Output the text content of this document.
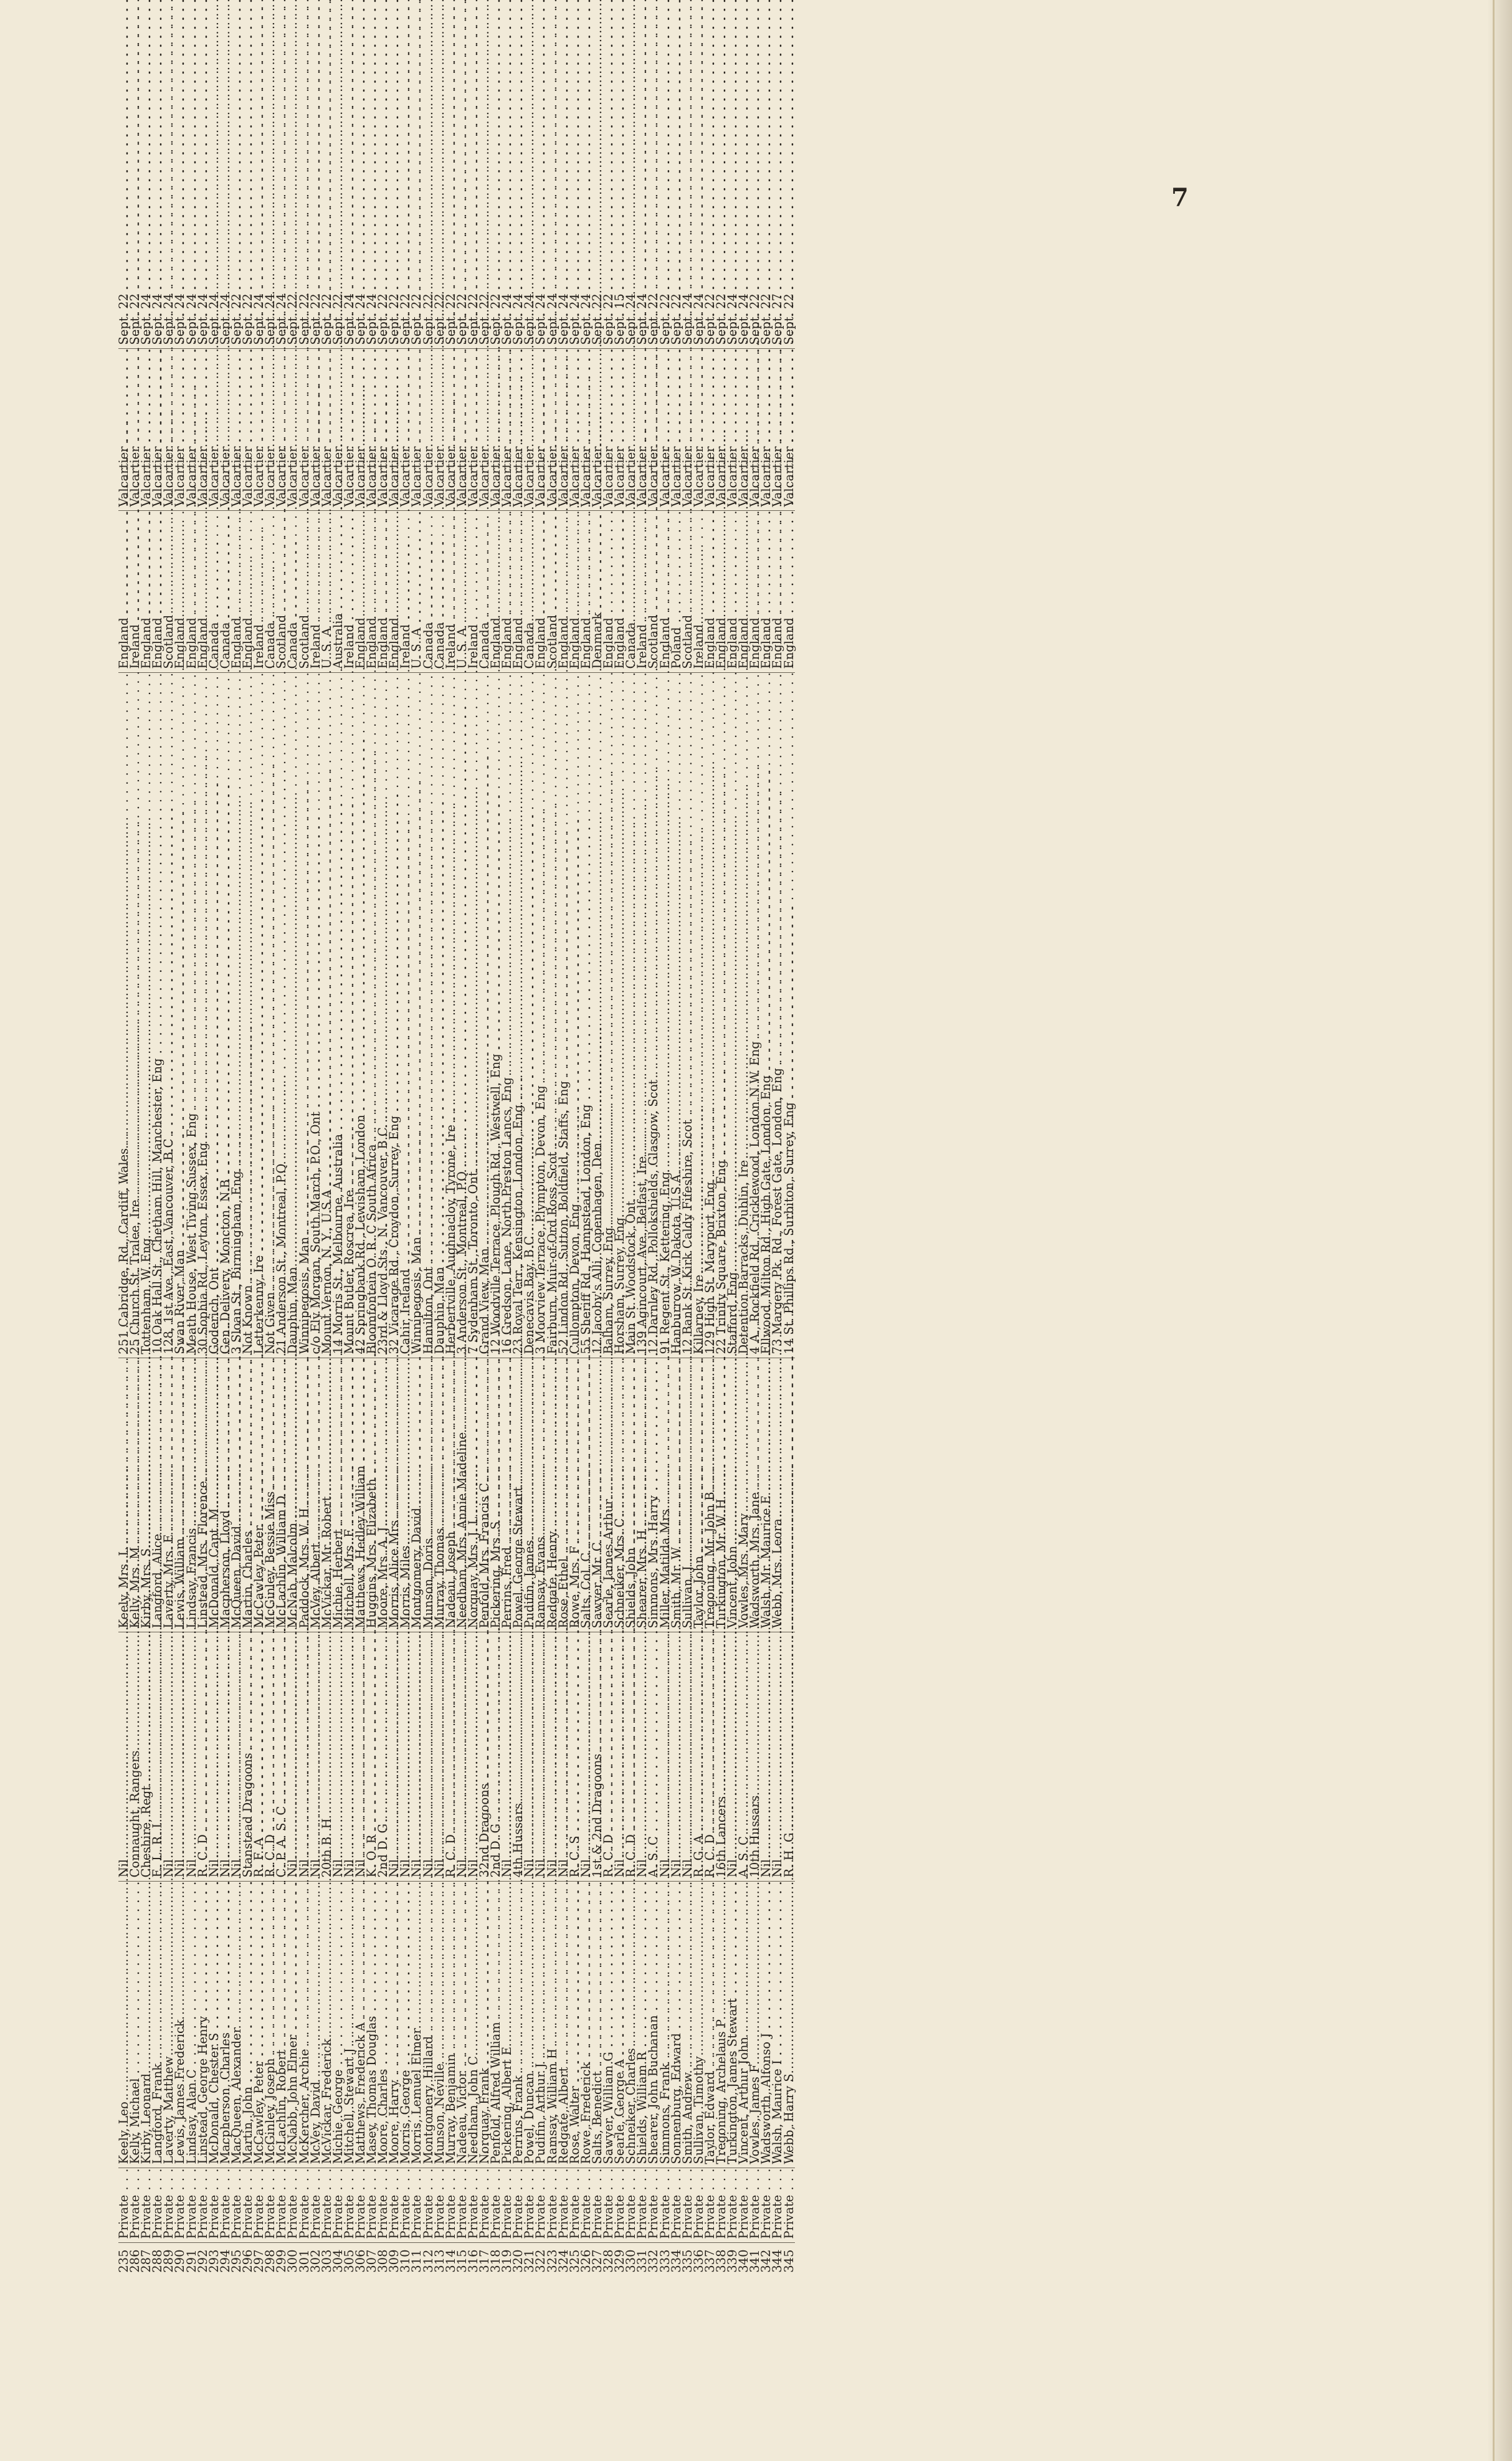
7
235	Private . . .	Keely, Leo . . .	Nil . . .	Keely, Mrs. L . . .	251 Cabridge, Rd., Cardiff, Wales . . .	England . . .	Valcartier . . .	Sept. 22
286	Private . . .	Kelly, Michael . . .	Connaught, Rangers . . .	Kelly, Mrs. M . . .	25 Church St. Tralee, Ire . . .	Ireland . . .	Valcartier . . .	Sept. 22
287	Private . . .	Kirby, Leonard . . .	Cheshire, Regt . . .	Kirby, Mrs. S . . .	Tottenham, W. Eng . . .	England . . .	Valcartier . . .	Sept. 24
288	Private . . .	Langford, Frank . . .	E. L. R. I . . .	Langford, Alice . . .	10 Oak Hall St., Chetham Hill, Manchester, Eng . . .	England . . .	Valcartier . . .	Sept. 24
289	Private . . .	Laverty, Matthew . . .	Nil . . .	Laverty, Mrs. E . . .	128, 1st Ave., East, Vancouver, B.C . . .	Scotland . . .	Valcartier . . .	Sept. 24
290	Private . . .	Lewis, James Frederick . . .	Nil . . .	Lewis, William . . .	Swan River, Man . . .	England . . .	Valcartier . . .	Sept. 24
291	Private . . .	Lindsay, Alan C . . .	Nil . . .	Lindsay, Francis . . .	Meath House, West Tiving Sussex, Eng . . .	England . . .	Valcartier . . .	Sept. 24
292	Private . . .	Linstead, George Henry . . .	R. C. D . . .	Linstead, Mrs. Florence . . .	30 Sophia Rd., Leyton, Essex, Eng . . .	England . . .	Valcartier . . .	Sept. 24
293	Private . . .	McDonald, Chester S . . .	Nil . . .	McDonald, Capt. M . . .	Goderich, Ont . . .	Canada . . .	Valcartier . . .	Sept. 24
294	Private . . .	Macpherson, Charles . . .	Nil . . .	Macpherson, Lloyd . . .	Gen. Delivery, Moncton, N.B . . .	Canada . . .	Valcartier . . .	Sept. 24
295	Private . . .	MacQueen, Alexander . . .	Nil . . .	McQueen, David . . .	3 Sloan St., Birmingham, Eng . . .	England . . .	Valcartier . . .	Sept. 22
296	Private . . .	Martin, John . . .	Stanstead Dragoons . . .	Martin, Charles . . .	Not Known . . .	England . . .	Valcartier . . .	Sept. 22
297	Private . . .	McCawley, Peter . . .	R. F. A . . .	McCawley, Peter . . .	Letterkenny, Ire . . .	Ireland . . .	Valcartier . . .	Sept. 24
298	Private . . .	McGinley, Joseph . . .	R. C. D . . .	McGinley, Bessie Miss . . .	Not Given . . .	Canada . . .	Valcartier . . .	Sept. 24
299	Private . . .	McLachlin, Robert . . .	C. P. A. S. C . . .	McLachlin, William D . . .	21 Anderson St., Montreal, P.Q . . .	Scotland . . .	Valcartier . . .	Sept. 24
300	Private . . .	McNabb, John Elmer . . .	Nil . . .	McNab, Malcolm . . .	Dauphin, Man . . .	Canada . . .	Valcartier . . .	Sept. 22
301	Private . . .	McKercher, Archie . . .	Nil . . .	Paddock, Mrs. W. H . . .	Winnipegosis, Man . . .	Scotland . . .	Valcartier . . .	Sept. 22
302	Private . . .	McVey, David . . .	Nil . . .	McVey, Albert . . .	c/o Ely Morgan, South March, P.O., Ont . . .	Ireland . . .	Valcartier . . .	Sept. 22
303	Private . . .	McVickar, Frederick . . .	20th B. H . . .	McVickar, Mr. Robert . . .	Mount Vernon, N. Y., U.S.A . . .	U. S. A . . .	Valcartier . . .	Sept. 22
304	Private . . .	Michie, George . . .	Nil . . .	Michie, Herbert . . .	14 Morris St., Melbourne, Australia . . .	Australia . . .	Valcartier . . .	Sept. 22
305	Private . . .	Mitchell, Stewart J . . .	Nil . . .	Mitchell, Mrs. F . . .	Mount Butler, Roscrea, Ire . . .	Ireland . . .	Valcartier . . .	Sept. 24
306	Private . . .	Matthews, Frederick A . . .	Nil . . .	Matthews, Hedley William . . .	42 Springbank Rd., Lewisham, London . . .	England . . .	Valcartier . . .	Sept. 24
307	Private . . .	Masey, Thomas Douglas . . .	K. O. R . . .	Huggins, Mrs. Elizabeth . . .	Bloomfontein O. R. C South Africa . . .	England . . .	Valcartier . . .	Sept. 24
308	Private . . .	Moore, Charles . . .	2nd D. G . . .	Moore, Mrs. A. J . . .	23rd & Lloyd Sts., N. Vancouver, B.C . . .	England . . .	Valcartier . . .	Sept. 22
309	Private . . .	Moore, Harry . . .	Nil . . .	Morris, Alice Mrs . . .	32 Vicarage Rd., Croydon, Surrey, Eng . . .	England . . .	Valcartier . . .	Sept. 22
310	Private . . .	Morris, George . . .	Nil . . .	Morris, Miles . . .	Cahir, Ireland . . .	Ireland . . .	Valcartier . . .	Sept. 22
311	Private . . .	Morris, Lemuel Elmer . . .	Nil . . .	Montgomery, David . . .	Winnipegosis, Man . . .	U. S. A . . .	Valcartier . . .	Sept. 22
312	Private . . .	Montgomery, Hillard . . .	Nil . . .	Munson, Doris . . .	Hamilton, Ont . . .	Canada . . .	Valcartier . . .	Sept. 22
313	Private . . .	Munson, Neville . . .	Nil . . .	Murray, Thomas . . .	Dauphin, Man . . .	Canada . . .	Valcartier . . .	Sept. 22
314	Private . . .	Murray, Benjamin . . .	R. C. D . . .	Nadeau, Joseph . . .	Herbertville, Aughnacloy, Tyrone, Ire . . .	Ireland . . .	Valcartier . . .	Sept. 22
315	Private . . .	Nadeau, Victor . . .	Nil . . .	Needham, Mrs. Annie Madeline . . .	3 Anderson St., Montreal, P.Q . . .	U. S. A . . .	Valcartier . . .	Sept. 22
316	Private . . .	Needham, John C . . .	Nil . . .	Norquay, Mrs. J. L . . .	7 Sydenham St., Toronto, Ont . . .	Ireland . . .	Valcartier . . .	Sept. 22
317	Private . . .	Norquay, Frank . . .	32nd Dragoons . . .	Penfold, Mrs. Francis C . . .	Grand View, Man . . .	Canada . . .	Valcartier . . .	Sept. 22
318	Private . . .	Penfold, Alfred William . . .	2nd D. G . . .	Pickering, Mrs. S . . .	12 Woodville Terrace, Plough Rd., Westwell, Eng . . .	England . . .	Valcartier . . .	Sept. 22
319	Private . . .	Pickering, Albert E . . .	Nil . . .	Perrins, Fred . . .	16 Gredson, Lane, North Preston Lancs, Eng . . .	England . . .	Valcartier . . .	Sept. 24
320	Private . . .	Perrins, Frank . . .	4th Hussars . . .	Powel, George Stewart . . .	23 Royal Terr., Kensington, London, Eng . . .	England . . .	Valcartier . . .	Sept. 24
321	Private . . .	Powel, Duncan . . .	Nil . . .	Pudifin, James . . .	Denecavis Bay, B.C . . .	Canada . . .	Valcartier . . .	Sept. 24
322	Private . . .	Pudifin, Arthur J . . .	Nil . . .	Ramsay, Evans . . .	3 Moorview Terrace, Plympton, Devon, Eng . . .	England . . .	Valcartier . . .	Sept. 24
323	Private . . .	Ramsay, William H . . .	Nil . . .	Redgate, Henry . . .	Fairburn, Muir-of-Ord Ross, Scot . . .	Scotland . . .	Valcartier . . .	Sept. 24
324	Private . . .	Redgate, Albert . . .	Nil . . .	Rose, Ethel . . .	52 Lindon Rd., Sutton, Boldfield, Staffs, Eng . . .	England . . .	Valcartier . . .	Sept. 24
325	Private . . .	Rose, Walter . . .	R. C. S . . .	Rowe, Mrs. F . . .	Cullompton, Devon, Eng . . .	England . . .	Valcartier . . .	Sept. 24
326	Private . . .	Rowe, Frederick . . .	Nil . . .	Salts, Col. C . . .	55 Sheriff Rd., Hampstead, London, Eng . . .	England . . .	Valcartier . . .	Sept. 24
327	Private . . .	Salts, Benedict . . .	1st & 2nd Dragoons . . .	Sawyer, Mr. C . . .	12 Jacoby's Alli, Copenhagen, Den . . .	Denmark . . .	Valcartier . . .	Sept. 22
328	Private . . .	Sawyer, William G . . .	R. C. D . . .	Searle, James Arthur . . .	Balham, Surrey, Eng . . .	England . . .	Valcartier . . .	Sept. 22
329	Private . . .	Searle, George A . . .	Nil . . .	Schneiker, Mrs. C . . .	Horsham, Surrey, Eng . . .	England . . .	Valcartier . . .	Sept. 15
330	Private . . .	Schneiker, Charles . . .	R. C. D . . .	Shields, John . . .	Main St. Woodstock, Ont . . .	Canada . . .	Valcartier . . .	Sept. 24
331	Private . . .	Shields, William R . . .	Nil . . .	Shearer, Mrs. H . . .	139 Agincourt, Ave., Belfast, Ire . . .	Ireland . . .	Valcartier . . .	Sept. 24
332	Private . . .	Shearer, John Buchanan . . .	A. S. C . . .	Simmons, Mrs. Harry . . .	12 Darnley Rd., Pollokshields, Glasgow, Scot . . .	Scotland . . .	Valcartier . . .	Sept. 22
333	Private . . .	Simmons, Frank . . .	Nil . . .	Miller, Matilda Mrs . . .	91 Regent St., Kettering, Eng . . .	England . . .	Valcartier . . .	Sept. 22
334	Private . . .	Sonnenburg, Edward . . .	Nil . . .	Smith, Mr. W . . .	Hanburrow, W. Dakota, U.S.A . . .	Poland . . .	Valcartier . . .	Sept. 22
335	Private . . .	Smith, Andrew . . .	Nil . . .	Sullivan, J . . .	12 Bank St. Kirk Caldy Fifeshire, Scot . . .	Scotland . . .	Valcartier . . .	Sept. 24
336	Private . . .	Sullivan, Timothy . . .	R. G. A . . .	Taylor, John . . .	Killarney, Ire . . .	Ireland . . .	Valcartier . . .	Sept. 24
337	Private . . .	Taylor, Edward . . .	R. C. D . . .	Tregoning, Mr. John B . . .	129 High St. Maryport, Eng . . .	England . . .	Valcartier . . .	Sept. 22
338	Private . . .	Tregoning, Archelaus P . . .	16th Lancers . . .	Turkington, Mr. W. H . . .	22 Trinity Square, Brixton, Eng . . .	England . . .	Valcartier . . .	Sept. 22
339	Private . . .	Turkington, James Stewart . . .	Nil . . .	Vincent, John . . .	Stafford, Eng . . .	England . . .	Valcartier . . .	Sept. 24
340	Private . . .	Vincent, Arthur John . . .	A. S. C . . .	Vowles, Mrs. Mary . . .	Detention Barracks, Dublin, Ire . . .	England . . .	Valcartier . . .	Sept. 24
341	Private . . .	Vowles, James F . . .	10th Hussars . . .	Wadsworth, Mrs. Jane . . .	4 A., Rockfield Rd., Cricklewood, London N.W. Eng . . .	England . . .	Valcartier . . .	Sept. 22
342	Private . . .	Wadsworth, Alfonso J . . .	Nil . . .	Walsh, Mr. Maurice E . . .	Ellwood, Milton Rd., High Gate, London, Eng . . .	England . . .	Valcartier . . .	Sept. 22
344	Private . . .	Walsh, Maurice I . . .	Nil . . .	Webb, Mrs. Leora . . .	73 Margery Pk. Rd., Forest Gate, London, Eng . . .	England . . .	Valcartier . . .	Sept. 27
345	Private . . .	Webb, Harry S . . .	R. H. G . . .	. . .	14 St. Phillips Rd., Surbiton, Surrey, Eng . . .	England . . .	Valcartier . . .	Sept. 22
